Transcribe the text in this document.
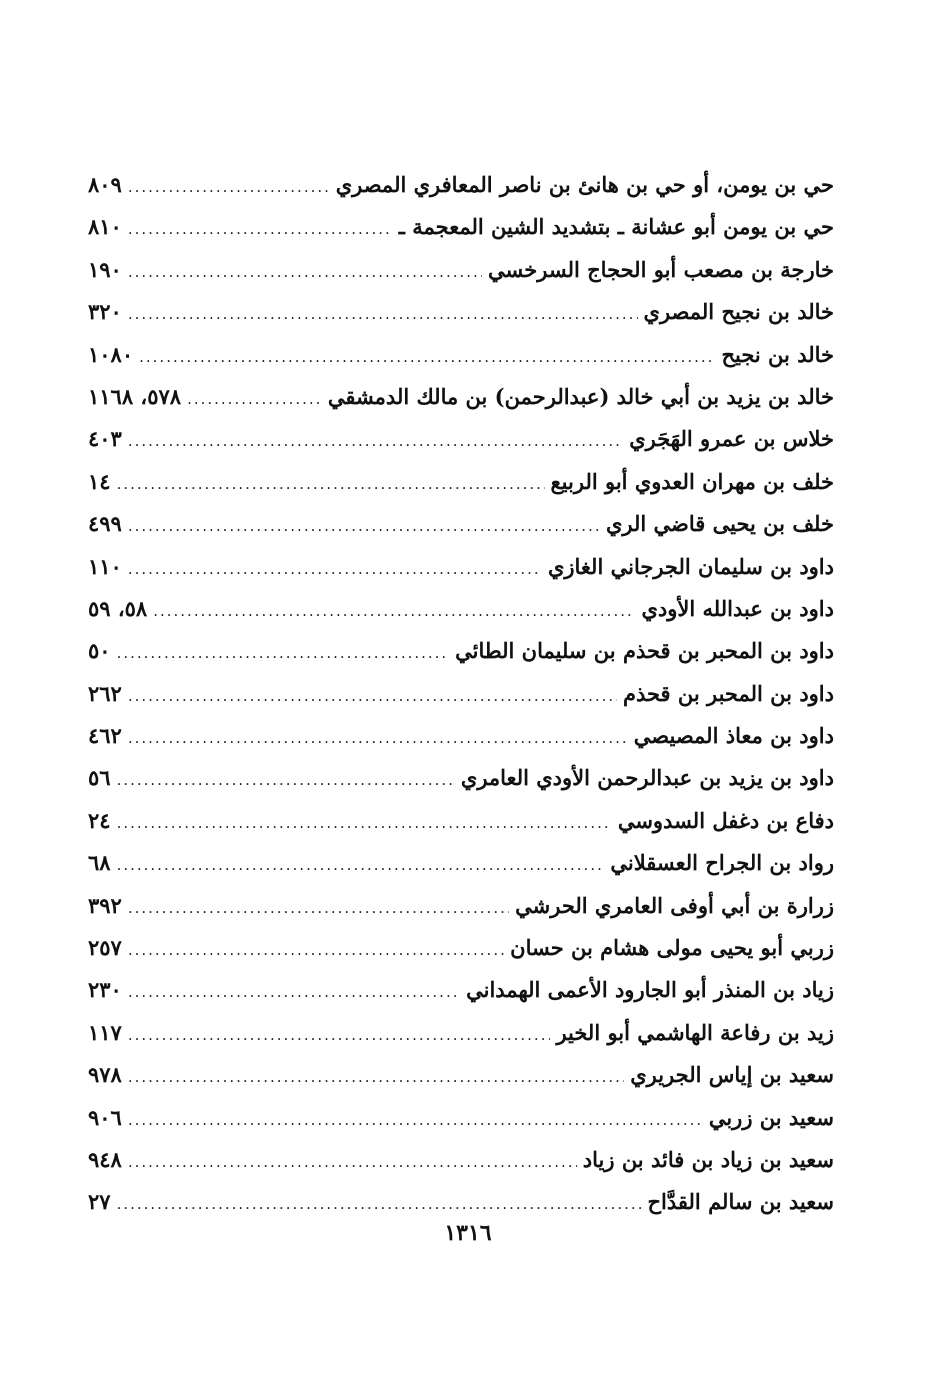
حي بن يومن، أو حي بن هانئ بن ناصر المعافري المصري
.....
٨٠٩
حي بن يومن أبو عشانة ـ بتشديد الشين المعجمة ـ
.....
٨١٠
خارجة بن مصعب أبو الحجاج السرخسي
.....
١٩٠
خالد بن نجيح المصري
.....
٣٢٠
خالد بن نجيح
.....
١٠٨٠
خالد بن يزيد بن أبي خالد (عبدالرحمن) بن مالك الدمشقي
.....
٥٧٨، ١١٦٨
خلاس بن عمرو الهَجَري
.....
٤٠٣
خلف بن مهران العدوي أبو الربيع
.....
١٤
خلف بن يحيى قاضي الري
.....
٤٩٩
داود بن سليمان الجرجاني الغازي
.....
١١٠
داود بن عبدالله الأودي
.....
٥٨، ٥٩
داود بن المحبر بن قحذم بن سليمان الطائي
.....
٥٠
داود بن المحبر بن قحذم
.....
٢٦٢
داود بن معاذ المصيصي
.....
٤٦٢
داود بن يزيد بن عبدالرحمن الأودي العامري
.....
٥٦
دفاع بن دغفل السدوسي
.....
٢٤
رواد بن الجراح العسقلاني
.....
٦٨
زرارة بن أبي أوفى العامري الحرشي
.....
٣٩٢
زربي أبو يحيى مولى هشام بن حسان
.....
٢٥٧
زياد بن المنذر أبو الجارود الأعمى الهمداني
.....
٢٣٠
زيد بن رفاعة الهاشمي أبو الخير
.....
١١٧
سعيد بن إياس الجريري
.....
٩٧٨
سعيد بن زربي
.....
٩٠٦
سعيد بن زياد بن فائد بن زياد
.....
٩٤٨
سعيد بن سالم القدَّاح
.....
٢٧
١٣١٦
